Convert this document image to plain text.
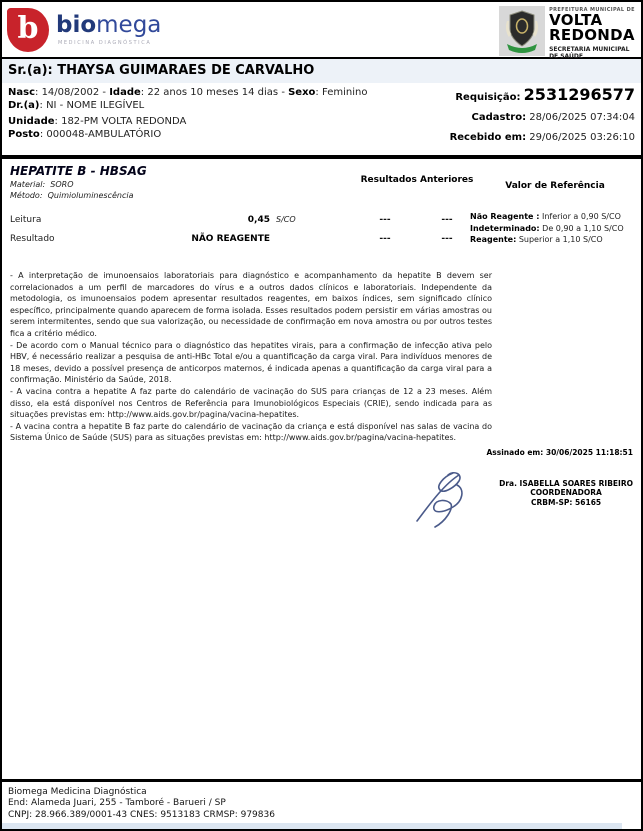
b biomega
MEDICINA DIAGNÓSTICA
PREFEITURA MUNICIPAL DE
VOLTA
REDONDA
SECRETARIA MUNICIPAL
DE SAÚDE
Sr.(a): THAYSA GUIMARAES DE CARVALHO
Nasc: 14/08/2002 - Idade: 22 anos 10 meses 14 dias - Sexo: Feminino
Dr.(a): NI - NOME ILEGÍVEL
Unidade: 182-PM VOLTA REDONDA
Posto: 000048-AMBULATÓRIO
Requisição: 2531296577
Cadastro: 28/06/2025 07:34:04
Recebido em: 29/06/2025 03:26:10
HEPATITE B - HBSAG
Material: SORO
Método: Quimioluminescência
Resultados Anteriores
Valor de Referência
Leitura	0,45 S/CO	---	---
Resultado	NÃO REAGENTE	---	---
Não Reagente : Inferior a 0,90 S/CO
Indeterminado: De 0,90 a 1,10 S/CO
Reagente: Superior a 1,10 S/CO

- A interpretação de imunoensaios laboratoriais para diagnóstico e acompanhamento da hepatite B devem ser correlacionados a um perfil de marcadores do vírus e a outros dados clínicos e laboratoriais. Independente da metodologia, os imunoensaios podem apresentar resultados reagentes, em baixos índices, sem significado clínico específico, principalmente quando aparecem de forma isolada. Esses resultados podem persistir em várias amostras ou serem intermitentes, sendo que sua valorização, ou necessidade de confirmação em nova amostra ou por outros testes fica a critério médico.

- De acordo com o Manual técnico para o diagnóstico das hepatites virais, para a confirmação de infecção ativa pelo HBV, é necessário realizar a pesquisa de anti-HBc Total e/ou a quantificação da carga viral. Para indivíduos menores de 18 meses, devido a possível presença de anticorpos maternos, é indicada apenas a quantificação da carga viral para a confirmação. Ministério da Saúde, 2018.

- A vacina contra a hepatite A faz parte do calendário de vacinação do SUS para crianças de 12 a 23 meses. Além disso, ela está disponível nos Centros de Referência para Imunobiológicos Especiais (CRIE), sendo indicada para as situações previstas em: http://www.aids.gov.br/pagina/vacina-hepatites.

- A vacina contra a hepatite B faz parte do calendário de vacinação da criança e está disponível nas salas de vacina do Sistema Único de Saúde (SUS) para as situações previstas em: http://www.aids.gov.br/pagina/vacina-hepatites.

Assinado em: 30/06/2025 11:18:51
Dra. ISABELLA SOARES RIBEIRO
COORDENADORA
CRBM-SP: 56165
Biomega Medicina Diagnóstica
End: Alameda Juari, 255 - Tamboré - Barueri / SP
CNPJ: 28.966.389/0001-43 CNES: 9513183 CRMSP: 979836
